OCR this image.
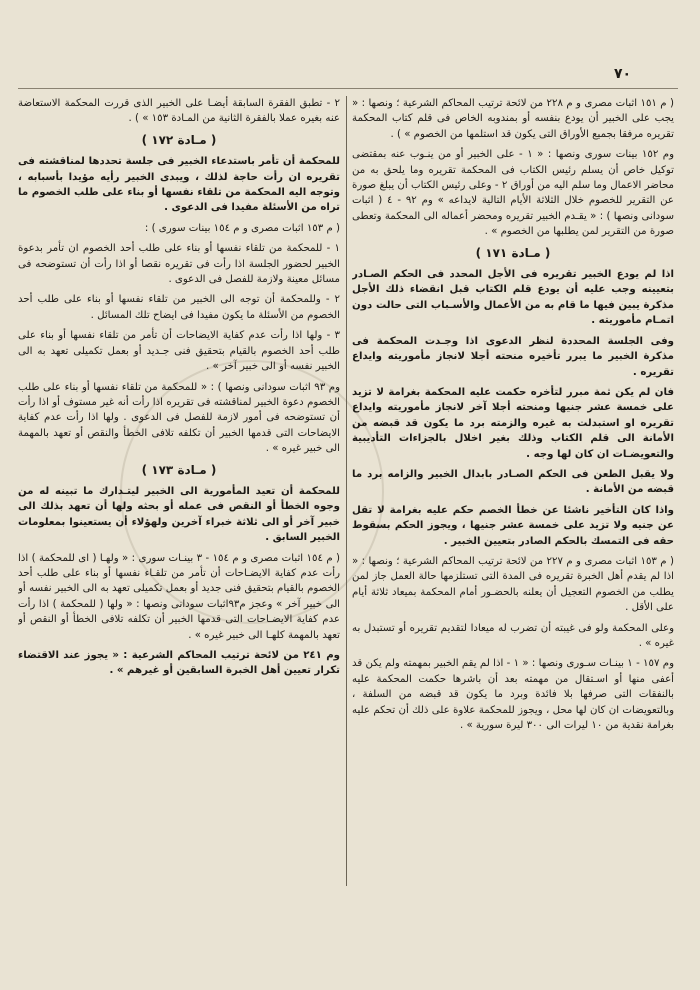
٧٠

( م ١٥١ اثبات مصرى و م ٢٢٨ من لائحة ترتيب المحاكم الشرعية ؛ ونصها : « يجب على الخبير أن يودع بنفسه أو بمندوبه الخاص فى قلم كتاب المحكمة تقريره مرفقا بجميع الأوراق التى يكون قد استلمها من الخصوم » ) .

وم ١٥٢ بينات سورى ونصها : « ١ - على الخبير أو من ينـوب عنه بمقتضى توكيل خاص أن يسلم رئيس الكتاب فى المحكمة تقريره وما يلحق به من محاضر الاعمال وما سلم اليه من أوراق ٢ - وعلى رئيس الكتاب أن يبلغ صورة عن التقرير للخصوم خلال الثلاثة الأيام التالية لايداعه » وم ٩٢ - ٤ ( اثبات سودانى ونصها ) : « يقـدم الخبير تقريره ومحضر أعماله الى المحكمة وتعطى صورة من التقرير لمن يطلبها من الخصوم » .

( مـادة ١٧١ )

اذا لم يودع الخبير تقريره فى الأجل المحدد فى الحكم الصـادر بتعيينه وجب عليه أن يودع قلم الكتاب قبل انقضاء ذلك الأجل مذكرة يبين فيها ما قام به من الأعمال والأسـباب التى حالت دون اتمـام مأموريته .

وفى الجلسة المحددة لنظر الدعوى اذا وجـدت المحكمة فى مذكرة الخبير ما يبرر تأخيره منحته أجلا لانجاز مأموريته وايداع تقريره .

فان لم يكن ثمة مبرر لتأخره حكمت عليه المحكمة بغرامة لا تزيد على خمسة عشر جنيها ومنحته أجلا آخر لانجاز مأموريته وايداع تقريره او استبدلت به غيره والزمته برد ما يكون قد قبضه من الأمانة الى قلم الكتاب وذلك بغير اخلال بالجزاءات التأديبية والتعويضـات ان كان لها وجه .

ولا يقبل الطعن فى الحكم الصـادر بابدال الخبير والزامه برد ما قبضه من الأمانة .

واذا كان التأخير ناشئا عن خطأ الخصم حكم عليه بغرامة لا تقل عن جنيه ولا تزيد على خمسة عشر جنيها ، ويجوز الحكم بسقوط حقه فى التمسك بالحكم الصادر بتعيين الخبير .

( م ١٥٣ اثبات مصرى و م ٢٢٧ من لائحة ترتيب المحاكم الشرعية ؛ ونصها : « اذا لم يقدم أهل الخبرة تقريره فى المدة التى تستلزمها حالة العمل جاز لمن يطلب من الخصوم التعجيل أن يعلنه بالحضـور أمام المحكمة بميعاد ثلاثة أيام على الأقل .

وعلى المحكمة ولو فى غيبته أن تضرب له ميعادا لتقديم تقريره أو تستبدل به غيره » .

وم ١٥٧ - ١ بينـات سـورى ونصها : « ١ - اذا لم يقم الخبير بمهمته ولم يكن قد أعفى منها أو اسـتقال من مهمته بعد أن باشرها حكمت المحكمة عليه بالنفقات التى صرفها بلا فائدة وبرد ما يكون قد قبضه من السلفة ، وبالتعويضات ان كان لها محل ، ويجوز للمحكمة علاوة على ذلك أن تحكم عليه بغرامة نقدية من ١٠ ليرات الى ٣٠٠ ليرة سورية » .

٢ - تطبق الفقرة السابقة أيضـا على الخبير الذى قررت المحكمة الاستعاضة عنه بغيره عملا بالفقرة الثانية من المـادة ١٥٣ » ) .

( مـادة ١٧٢ )

للمحكمة أن تأمر باستدعاء الخبير فى جلسة تحددها لمناقشته فى تقريره ان رأت حاجة لذلك ، ويبدى الخبير رأيه مؤيدا بأسبابه ، وتوجه اليه المحكمة من تلقاء نفسها أو بناء على طلب الخصوم ما تراه من الأسئلة مفيدا فى الدعوى .

( م ١٥٣ اثبات مصرى و م ١٥٤ بينات سورى ) :

١ - للمحكمة من تلقاء نفسها أو بناء على طلب أحد الخصوم ان تأمر بدعوة الخبير لحضور الجلسة اذا رأت فى تقريره نقصا أو اذا رأت أن تستوضحه فى مسائل معينة ولازمة للفصل فى الدعوى .

٢ - وللمحكمة أن توجه الى الخبير من تلقاء نفسها أو بناء على طلب أحد الخصوم من الأسئلة ما يكون مفيدا فى ايضاح تلك المسائل .

٣ - ولها اذا رأت عدم كفاية الايضاحات أن تأمر من تلقاء نفسها أو بناء على طلب أحد الخصوم بالقيام بتحقيق فنى جـديد أو بعمل تكميلى تعهد به الى الخبير نفسه أو الى خبير آخر » .

وم ٩٣ اثبات سودانى ونصها ) : « للمحكمة من تلقاء نفسها أو بناء على طلب الخصوم دعوة الخبير لمناقشته فى تقريره اذا رأت أنه غير مستوف أو اذا رأت أن تستوضحه فى أمور لازمة للفصل فى الدعوى . ولها اذا رأت عدم كفاية الايضاحات التى قدمها الخبير أن تكلفه تلافى الخطأ والنقص أو تعهد بالمهمة الى خبير غيره » .

( مـادة ١٧٣ )

للمحكمة أن تعيد المأمورية الى الخبير ليتـدارك ما تبينه له من وجوه الخطأ أو النقص فى عمله أو بحثه ولها أن تعهد بذلك الى خبير آخر أو الى ثلاثة خبراء آخرين ولهؤلاء أن يستعينوا بمعلومات الخبير السابق .

( م ١٥٤ اثبات مصرى و م ١٥٤ - ٣ بينـات سورى : « ولهـا ( اى للمحكمة ) اذا رأت عدم كفاية الايضـاحات أن تأمر من تلقـاء نفسها أو بناء على طلب أحد الخصوم بالقيام بتحقيق فنى جديد أو بعمل تكميلى تعهد به الى الخبير نفسه أو الى خبير آخر » وعجز م٩٣اثبات سودانى ونصها : « ولها ( للمحكمة ) اذا رأت عدم كفاية الايضـاحات التى قدمها الخبير أن تكلفه تلافى الخطأ أو النقص أو تعهد بالمهمة كلهـا الى خبير غيره » .

وم ٢٤١ من لائحة ترتيب المحاكم الشرعية : « يجوز عند الاقتضاء تكرار تعيين أهل الخبرة السابقين أو غيرهم » .
